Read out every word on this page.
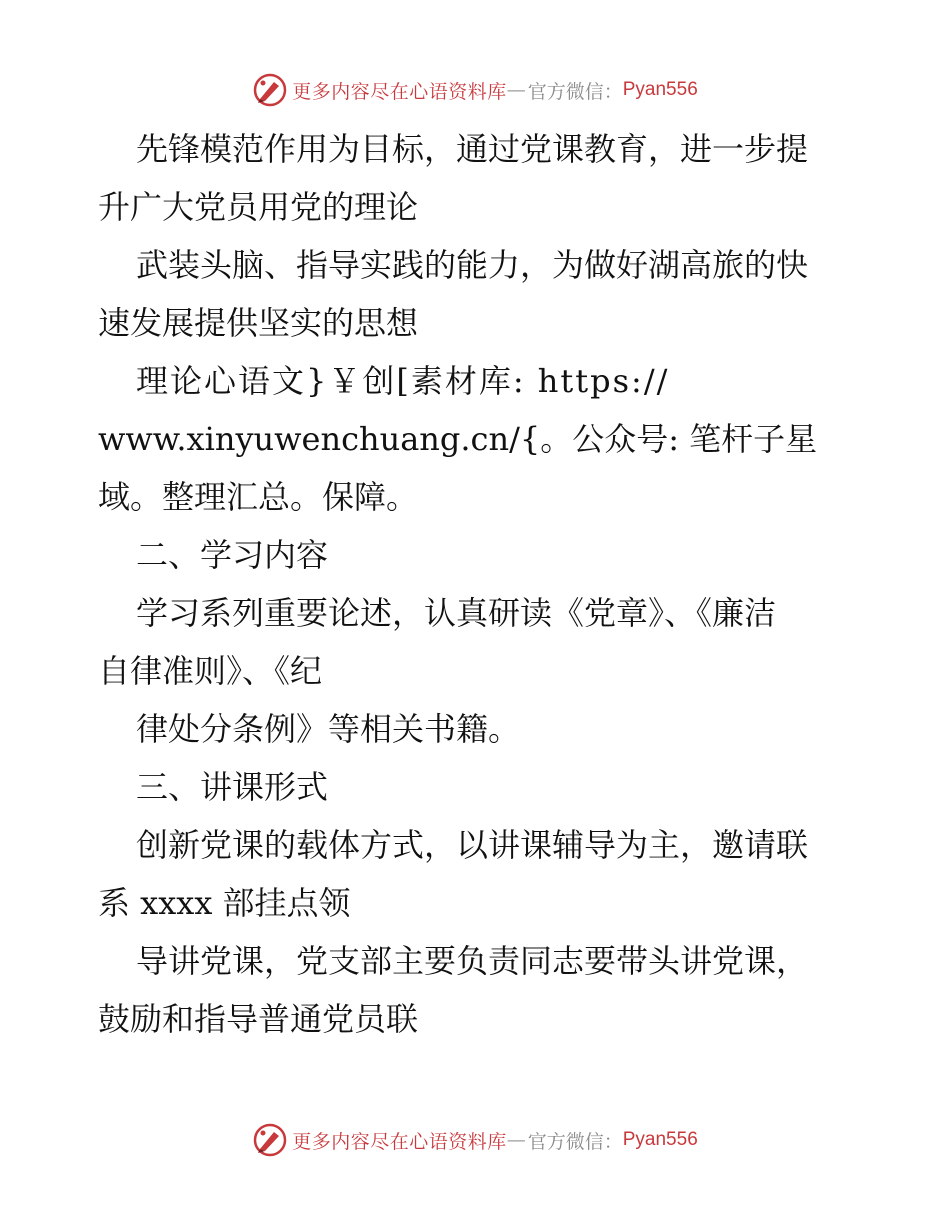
更多内容尽在心语资料库 — 官方微信： Pyan556
先锋模范作用为目标，通过党课教育，进一步提
升广大党员用党的理论
武装头脑、指导实践的能力，为做好湖高旅的快
速发展提供坚实的思想
理论心语文}￥创[素材库: https://
www.xinyuwenchuang.cn/{。公众号: 笔杆子星
域。整理汇总。保障。
二、学习内容
学习系列重要论述，认真研读《党章》、《廉洁
自律准则》、《纪
律处分条例》等相关书籍。
三、讲课形式
创新党课的载体方式，以讲课辅导为主，邀请联
系 xxxx 部挂点领
导讲党课，党支部主要负责同志要带头讲党课，
鼓励和指导普通党员联
更多内容尽在心语资料库 — 官方微信： Pyan556
